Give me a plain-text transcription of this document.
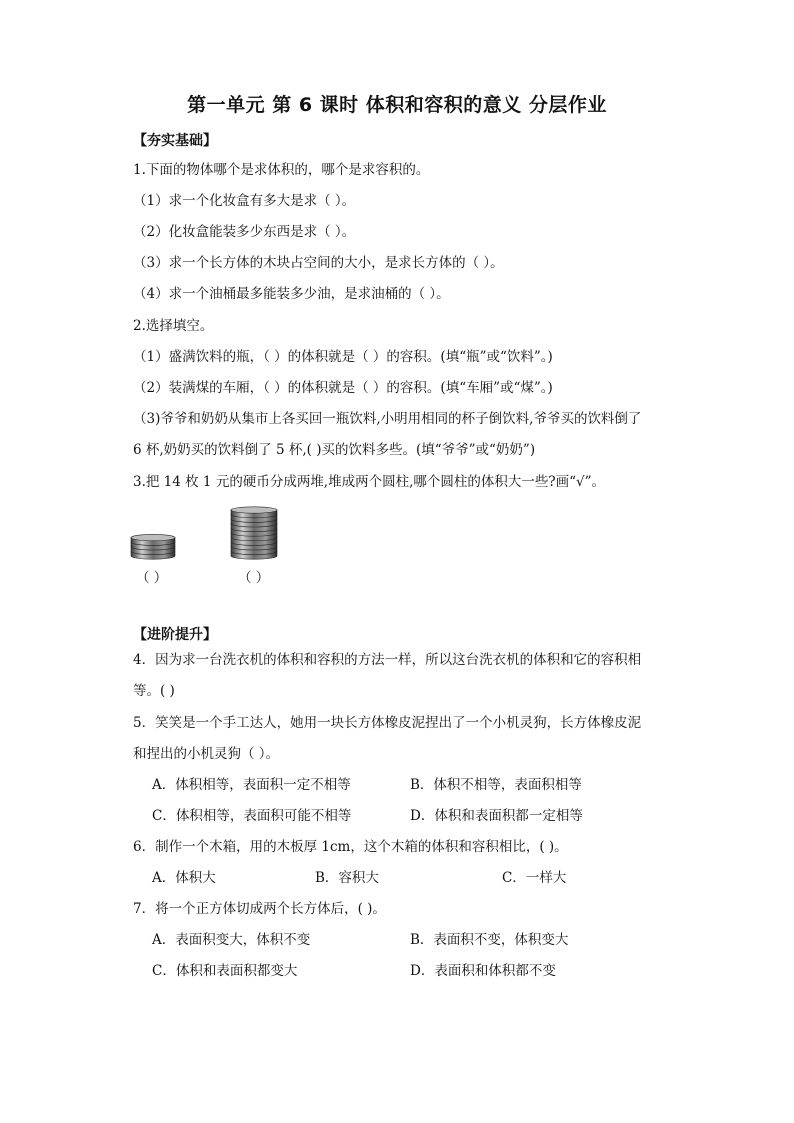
第一单元 第 6 课时 体积和容积的意义 分层作业
【夯实基础】
1.下面的物体哪个是求体积的，哪个是求容积的。
（1）求一个化妆盒有多大是求（ ）。
（2）化妆盒能装多少东西是求（ ）。
（3）求一个长方体的木块占空间的大小，是求长方体的（ ）。
（4）求一个油桶最多能装多少油，是求油桶的（ ）。
2.选择填空。
（1）盛满饮料的瓶，（ ）的体积就是（ ）的容积。(填“瓶”或“饮料”。)
（2）装满煤的车厢，（ ）的体积就是（ ）的容积。(填“车厢”或“煤”。)
（3)爷爷和奶奶从集市上各买回一瓶饮料,小明用相同的杯子倒饮料,爷爷买的饮料倒了
6 杯,奶奶买的饮料倒了 5 杯,( )买的饮料多些。(填“爷爷”或“奶奶”)
3.把 14 枚 1 元的硬币分成两堆,堆成两个圆柱,哪个圆柱的体积大一些?画“√”。
（ ）	（ ）
【进阶提升】
4．因为求一台洗衣机的体积和容积的方法一样，所以这台洗衣机的体积和它的容积相
等。( )
5．笑笑是一个手工达人，她用一块长方体橡皮泥捏出了一个小机灵狗，长方体橡皮泥
和捏出的小机灵狗（ ）。
A．体积相等，表面积一定不相等	B．体积不相等，表面积相等
C．体积相等，表面积可能不相等	D．体积和表面积都一定相等
6．制作一个木箱，用的木板厚 1cm，这个木箱的体积和容积相比，( )。
A．体积大	B．容积大	C．一样大
7．将一个正方体切成两个长方体后，( )。
A．表面积变大，体积不变	B．表面积不变，体积变大
C．体积和表面积都变大	D．表面积和体积都不变
